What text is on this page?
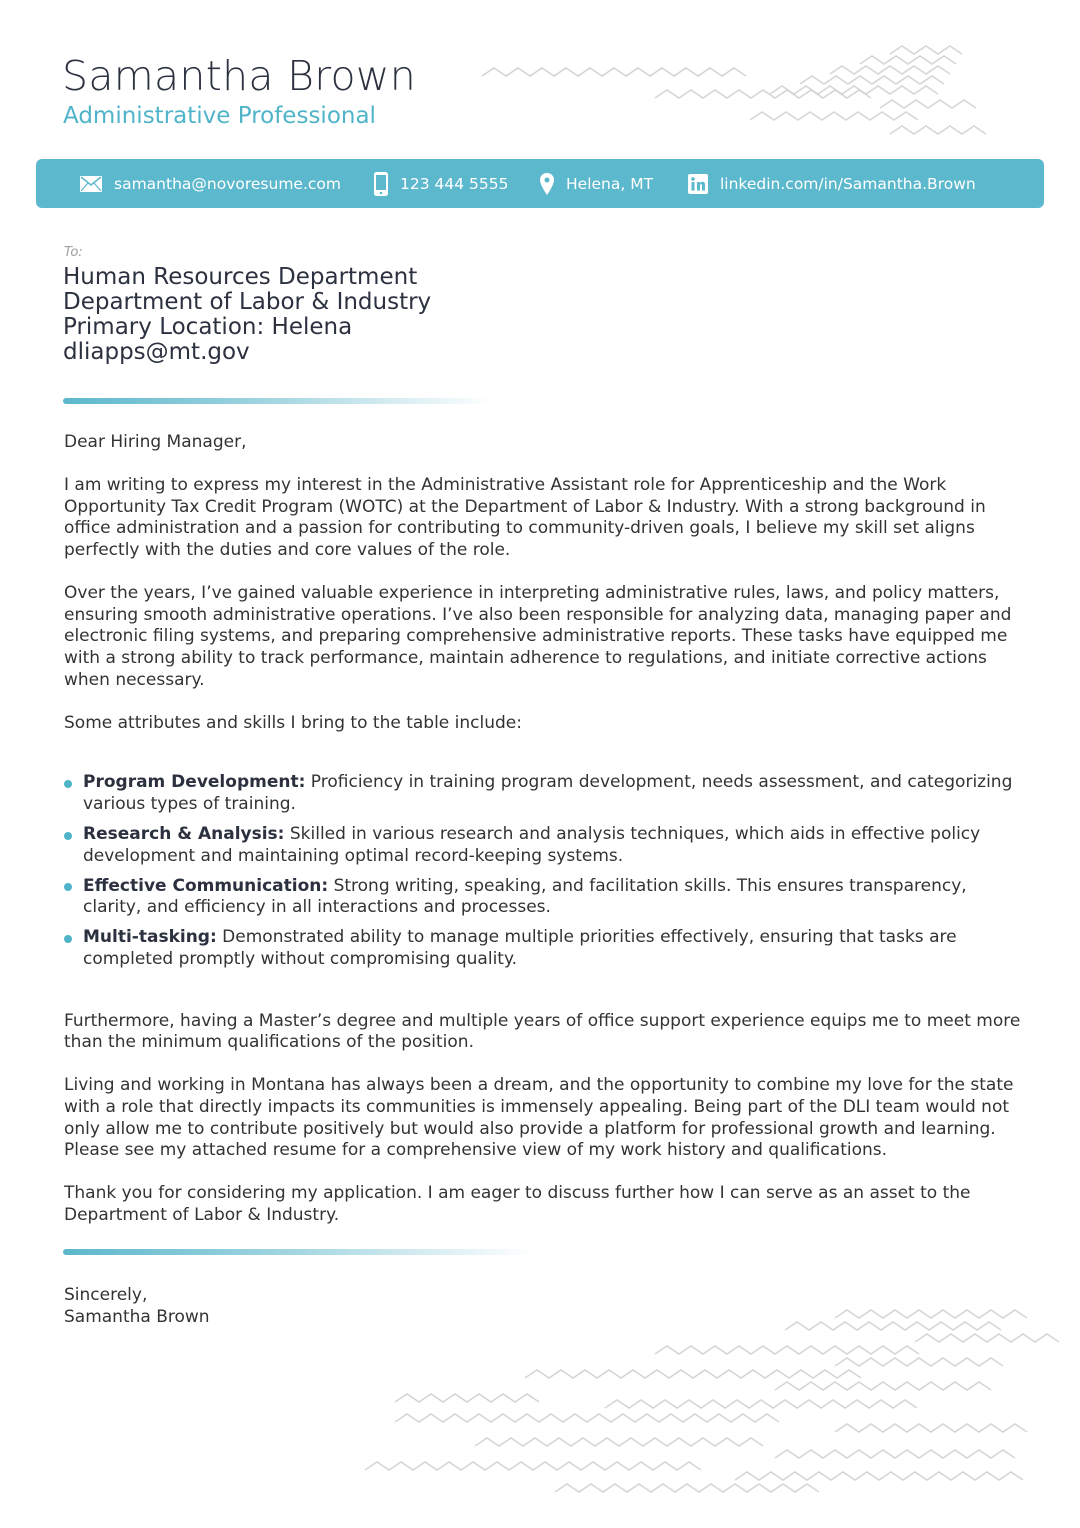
Samantha Brown
Administrative Professional
samantha@novoresume.com	123 444 5555	Helena, MT	linkedin.com/in/Samantha.Brown
To:
Human Resources Department
Department of Labor & Industry
Primary Location: Helena
dliapps@mt.gov

Dear Hiring Manager,

I am writing to express my interest in the Administrative Assistant role for Apprenticeship and the Work Opportunity Tax Credit Program (WOTC) at the Department of Labor & Industry. With a strong background in office administration and a passion for contributing to community-driven goals, I believe my skill set aligns perfectly with the duties and core values of the role.

Over the years, I’ve gained valuable experience in interpreting administrative rules, laws, and policy matters, ensuring smooth administrative operations. I’ve also been responsible for analyzing data, managing paper and electronic filing systems, and preparing comprehensive administrative reports. These tasks have equipped me with a strong ability to track performance, maintain adherence to regulations, and initiate corrective actions when necessary.

Some attributes and skills I bring to the table include:

Program Development: Proficiency in training program development, needs assessment, and categorizing various types of training.
Research & Analysis: Skilled in various research and analysis techniques, which aids in effective policy development and maintaining optimal record-keeping systems.
Effective Communication: Strong writing, speaking, and facilitation skills. This ensures transparency, clarity, and efficiency in all interactions and processes.
Multi-tasking: Demonstrated ability to manage multiple priorities effectively, ensuring that tasks are completed promptly without compromising quality.

Furthermore, having a Master’s degree and multiple years of office support experience equips me to meet more than the minimum qualifications of the position.

Living and working in Montana has always been a dream, and the opportunity to combine my love for the state with a role that directly impacts its communities is immensely appealing. Being part of the DLI team would not only allow me to contribute positively but would also provide a platform for professional growth and learning. Please see my attached resume for a comprehensive view of my work history and qualifications.

Thank you for considering my application. I am eager to discuss further how I can serve as an asset to the Department of Labor & Industry.

Sincerely,
Samantha Brown
